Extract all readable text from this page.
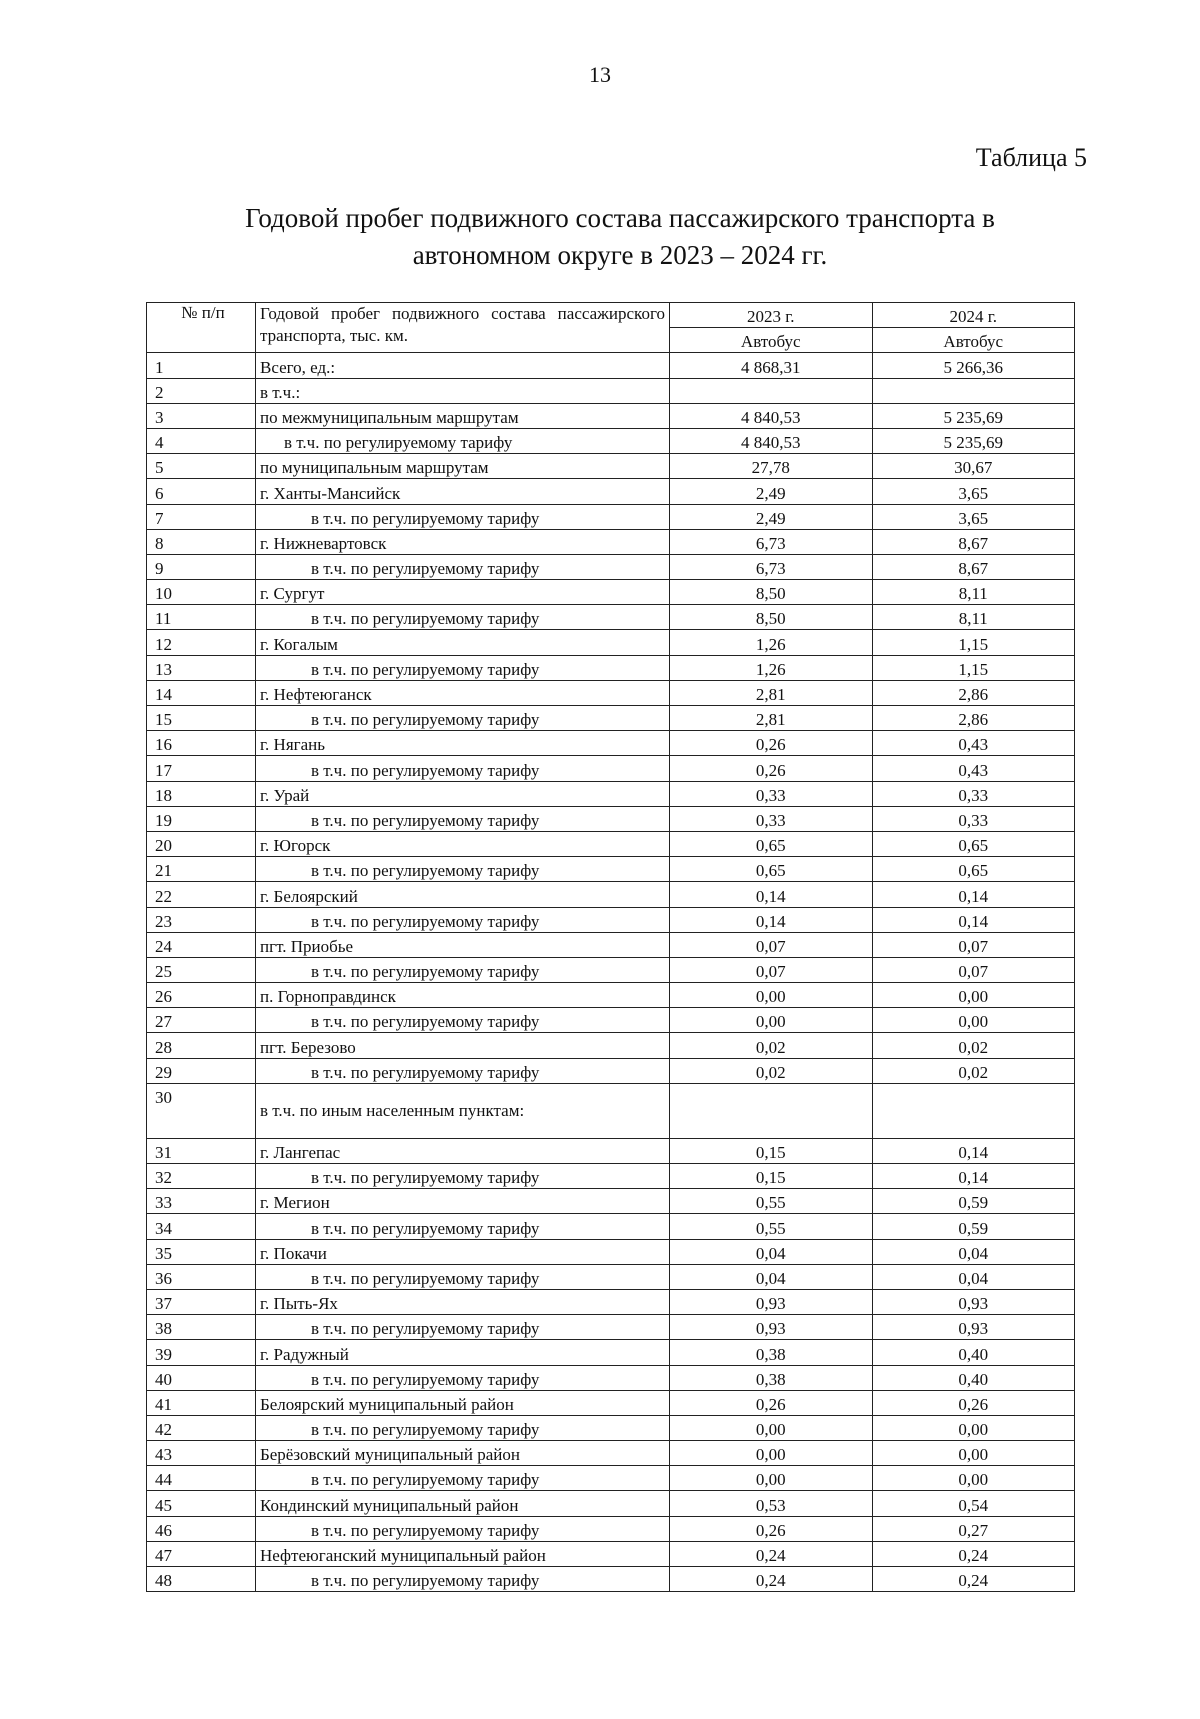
13
Таблица 5
Годовой пробег подвижного состава пассажирского транспорта в автономном округе в 2023 – 2024 гг.
№ п/п	Годовой пробег подвижного состава пассажирского транспорта, тыс. км.	2023 г.	2024 г.
		Автобус	Автобус
1	Всего, ед.:	4 868,31	5 266,36
2	в т.ч.:		
3	по межмуниципальным маршрутам	4 840,53	5 235,69
4	в т.ч. по регулируемому тарифу	4 840,53	5 235,69
5	по муниципальным маршрутам	27,78	30,67
6	г. Ханты-Мансийск	2,49	3,65
7	в т.ч. по регулируемому тарифу	2,49	3,65
8	г. Нижневартовск	6,73	8,67
9	в т.ч. по регулируемому тарифу	6,73	8,67
10	г. Сургут	8,50	8,11
11	в т.ч. по регулируемому тарифу	8,50	8,11
12	г. Когалым	1,26	1,15
13	в т.ч. по регулируемому тарифу	1,26	1,15
14	г. Нефтеюганск	2,81	2,86
15	в т.ч. по регулируемому тарифу	2,81	2,86
16	г. Нягань	0,26	0,43
17	в т.ч. по регулируемому тарифу	0,26	0,43
18	г. Урай	0,33	0,33
19	в т.ч. по регулируемому тарифу	0,33	0,33
20	г. Югорск	0,65	0,65
21	в т.ч. по регулируемому тарифу	0,65	0,65
22	г. Белоярский	0,14	0,14
23	в т.ч. по регулируемому тарифу	0,14	0,14
24	пгт. Приобье	0,07	0,07
25	в т.ч. по регулируемому тарифу	0,07	0,07
26	п. Горноправдинск	0,00	0,00
27	в т.ч. по регулируемому тарифу	0,00	0,00
28	пгт. Березово	0,02	0,02
29	в т.ч. по регулируемому тарифу	0,02	0,02
30	в т.ч. по иным населенным пунктам:		
31	г. Лангепас	0,15	0,14
32	в т.ч. по регулируемому тарифу	0,15	0,14
33	г. Мегион	0,55	0,59
34	в т.ч. по регулируемому тарифу	0,55	0,59
35	г. Покачи	0,04	0,04
36	в т.ч. по регулируемому тарифу	0,04	0,04
37	г. Пыть-Ях	0,93	0,93
38	в т.ч. по регулируемому тарифу	0,93	0,93
39	г. Радужный	0,38	0,40
40	в т.ч. по регулируемому тарифу	0,38	0,40
41	Белоярский муниципальный район	0,26	0,26
42	в т.ч. по регулируемому тарифу	0,00	0,00
43	Берёзовский муниципальный район	0,00	0,00
44	в т.ч. по регулируемому тарифу	0,00	0,00
45	Кондинский муниципальный район	0,53	0,54
46	в т.ч. по регулируемому тарифу	0,26	0,27
47	Нефтеюганский муниципальный район	0,24	0,24
48	в т.ч. по регулируемому тарифу	0,24	0,24
